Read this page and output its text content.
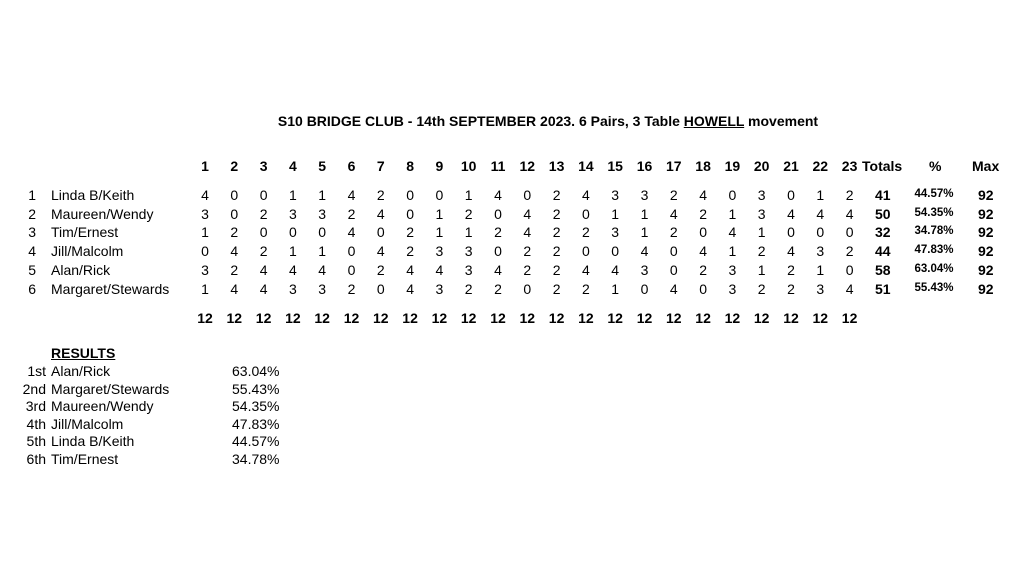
S10 BRIDGE CLUB - 14th SEPTEMBER 2023. 6 Pairs, 3 Table HOWELL movement
1	2	3	4	5	6	7	8	9	10	11	12 13 14 15 16 17 18 19 20 21 22 23 Totals % Max
1 Linda B/Keith	4	0	0	1	1	4	2	0	0	1	4	0	2	4	3	3	2	4	0	3	0	1	2	41	44.57%	92
2 Maureen/Wendy	3	0	2	3	3	2	4	0	1	2	0	4	2	0	1	1	4	2	1	3	4	4	4	50	54.35%	92
3 Tim/Ernest	1	2	0	0	0	4	0	2	1	1	2	4	2	2	3	1	2	0	4	1	0	0	0	32	34.78%	92
4 Jill/Malcolm	0	4	2	1	1	0	4	2	3	3	0	2	2	0	0	4	0	4	1	2	4	3	2	44	47.83%	92
5 Alan/Rick	3	2	4	4	4	0	2	4	4	3	4	2	2	4	4	3	0	2	3	1	2	1	0	58	63.04%	92
6 Margaret/Stewards	1	4	4	3	3	2	0	4	3	2	2	0	2	2	1	0	4	0	3	2	2	3	4	51	55.43%	92
12 12 12 12 12 12 12 12 12 12 12 12 12 12 12 12 12 12 12 12 12 12 12
RESULTS
1st Alan/Rick	63.04%
2nd Margaret/Stewards	55.43%
3rd Maureen/Wendy	54.35%
4th Jill/Malcolm	47.83%
5th Linda B/Keith	44.57%
6th Tim/Ernest	34.78%
